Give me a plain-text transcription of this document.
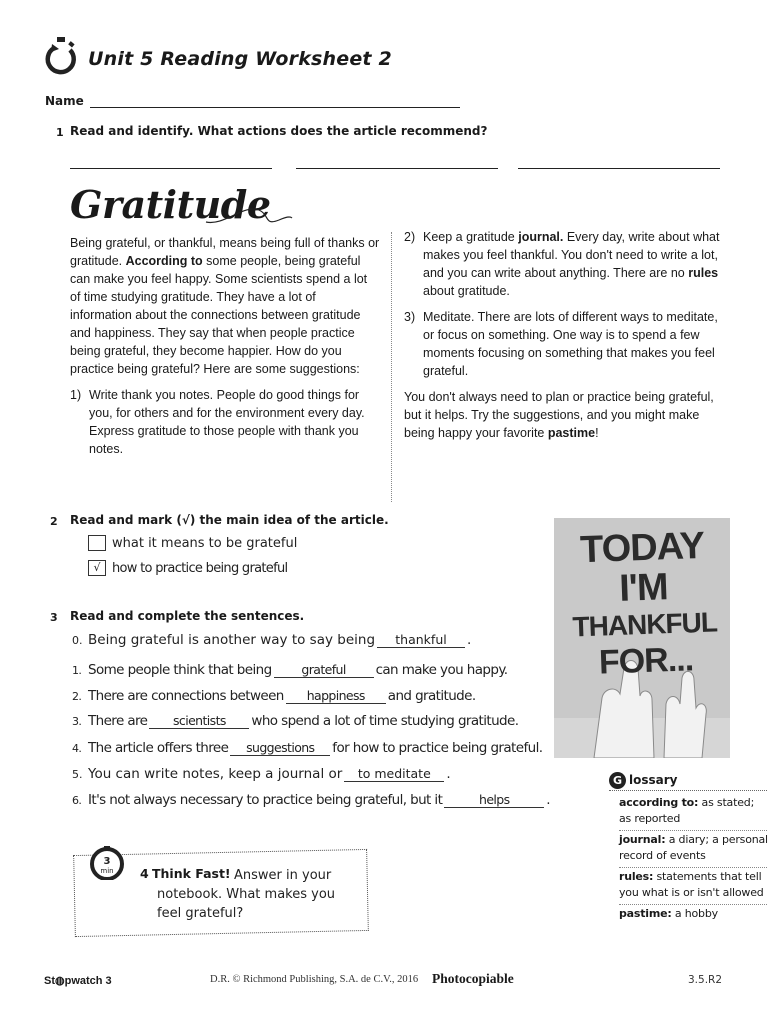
Unit 5 Reading Worksheet 2
Name
1 Read and identify. What actions does the article recommend?
Gratitude

Being grateful, or thankful, means being full of thanks or gratitude. According to some people, being grateful can make you feel happy. Some scientists spend a lot of time studying gratitude. They have a lot of information about the connections between gratitude and happiness. They say that when people practice being grateful, they become happier. How do you practice being grateful? Here are some suggestions:

1) Write thank you notes. People do good things for you, for others and for the environment every day. Express gratitude to those people with thank you notes.
2) Keep a gratitude journal. Every day, write about what makes you feel thankful. You don't need to write a lot, and you can write about anything. There are no rules about gratitude.
3) Meditate. There are lots of different ways to meditate, or focus on something. One way is to spend a few moments focusing on something that makes you feel grateful.

You don't always need to plan or practice being grateful, but it helps. Try the suggestions, and you might make being happy your favorite pastime!

2 Read and mark (√) the main idea of the article.
what it means to be grateful
√ how to practice being grateful	TODAY
I'M
THANKFUL
FOR...
3 Read and complete the sentences.
0. Being grateful is another way to say being	thankful	.
1. Some people think that being	grateful	can make you happy.
2. There are connections between	happiness	and gratitude.
3. There are	scientists	who spend a lot of time studying gratitude.
4. The article offers three	suggestions	for how to practice being grateful.
5. You can write notes, keep a journal or	to meditate	.
6. It's not always necessary to practice being grateful, but it	helps	.
3
min 4 Think Fast! Answer in your notebook. What makes you feel grateful?
G lossary
according to: as stated; as reported
journal: a diary; a personal record of events
rules: statements that tell you what is or isn't allowed
pastime: a hobby
St◍pwatch 3	D.R. © Richmond Publishing, S.A. de C.V., 2016 Photocopiable	3.5.R2
